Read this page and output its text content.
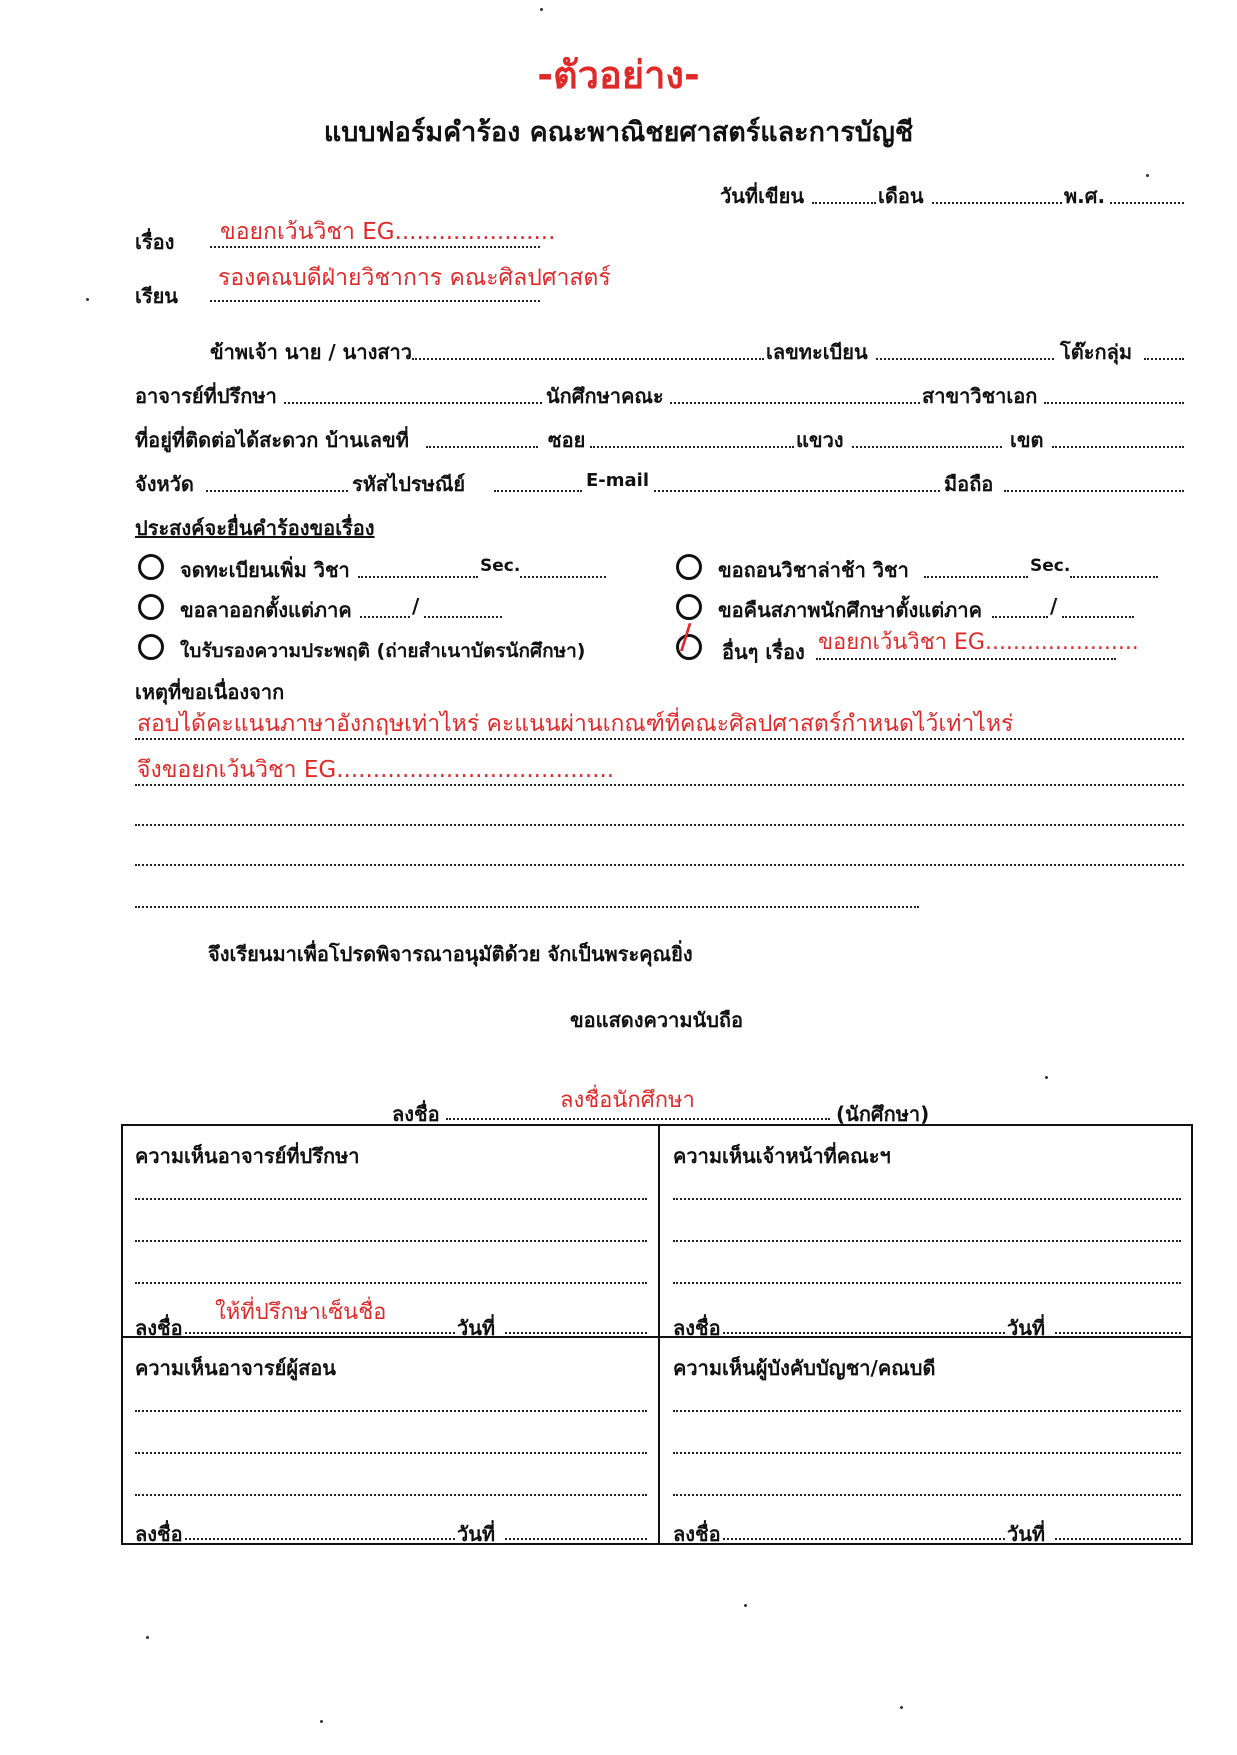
-ตัวอย่าง-
แบบฟอร์มคำร้อง คณะพาณิชยศาสตร์และการบัญชี
วันที่เขียน	เดือน	พ.ศ.
เรื่อง ขอยกเว้นวิชา EG......................
เรียน
รองคณบดีฝ่ายวิชาการ คณะศิลปศาสตร์
ข้าพเจ้า นาย / นางสาว	เลขทะเบียน	โต๊ะกลุ่ม
อาจารย์ที่ปรึกษา	นักศึกษาคณะ	สาขาวิชาเอก
ที่อยู่ที่ติดต่อได้สะดวก บ้านเลขที่	ซอย	แขวง	เขต
จังหวัด	รหัสไปรษณีย์	E-mail	มือถือ
ประสงค์จะยื่นคำร้องขอเรื่อง
จดทะเบียนเพิ่ม วิชา	Sec.	ขอถอนวิชาล่าช้า วิชา	Sec.
ขอลาออกตั้งแต่ภาค	/	ขอคืนสภาพนักศึกษาตั้งแต่ภาค	/
ใบรับรองความประพฤติ (ถ่ายสำเนาบัตรนักศึกษา)	∕ อื่นๆ เรื่อง ขอยกเว้นวิชา EG......................
เหตุที่ขอเนื่องจาก
สอบได้คะแนนภาษาอังกฤษเท่าไหร่ คะแนนผ่านเกณฑ์ที่คณะศิลปศาสตร์กำหนดไว้เท่าไหร่
จึงขอยกเว้นวิชา EG......................................
จึงเรียนมาเพื่อโปรดพิจารณาอนุมัติด้วย จักเป็นพระคุณยิ่ง
ขอแสดงความนับถือ
ลงชื่อ
ลงชื่อนักศึกษา
(นักศึกษา)
ความเห็นอาจารย์ที่ปรึกษา
ลงชื่อ
ให้ที่ปรึกษาเซ็นชื่อ
วันที่
ความเห็นเจ้าหน้าที่คณะฯ
ลงชื่อ	วันที่
ความเห็นอาจารย์ผู้สอน
ลงชื่อ	วันที่
ความเห็นผู้บังคับบัญชา/คณบดี
ลงชื่อ	วันที่
